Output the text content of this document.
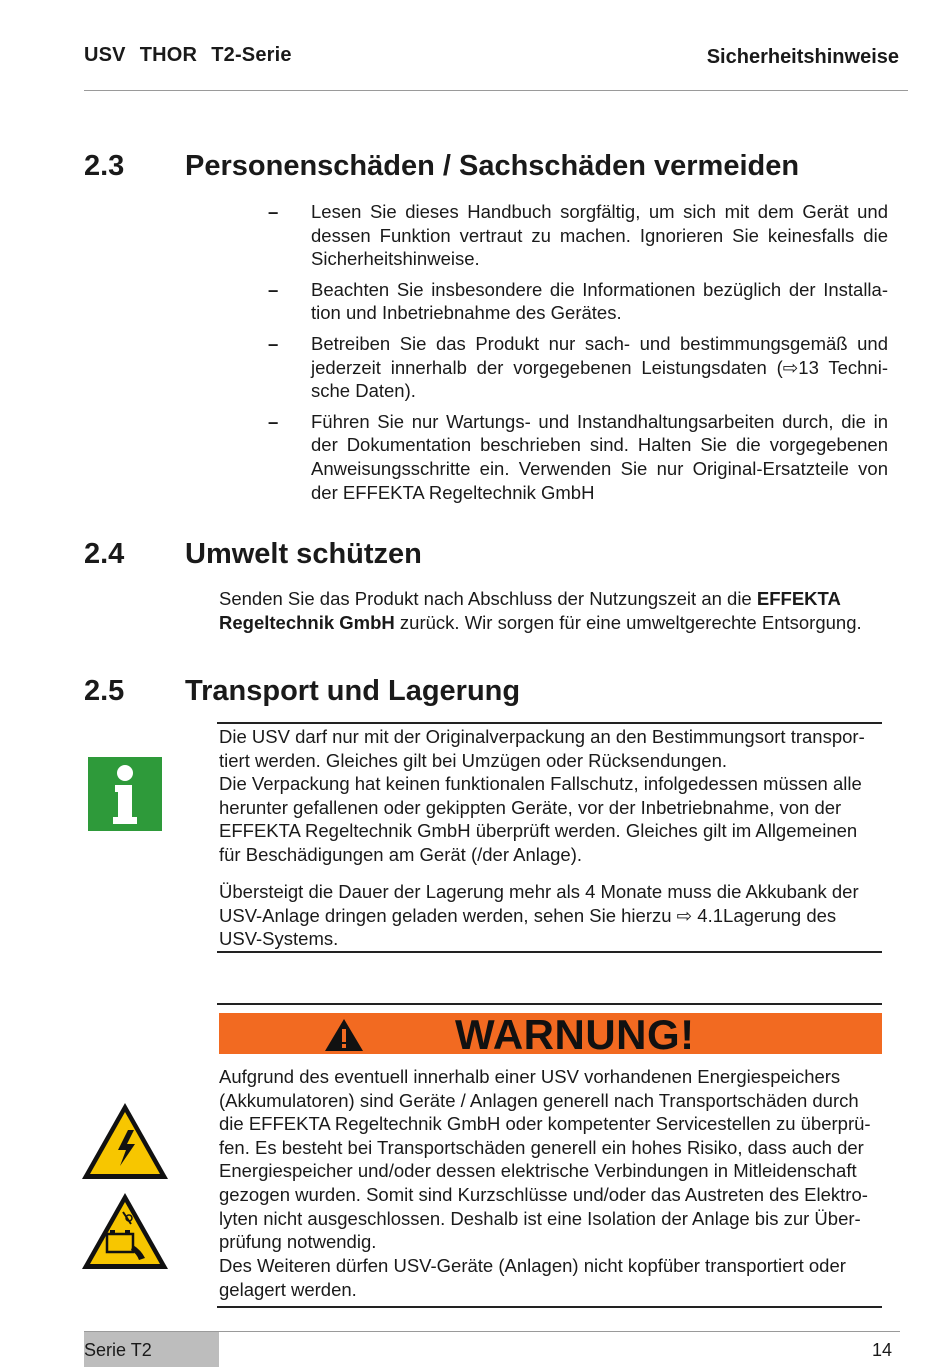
USV THOR T2-Serie	Sicherheitshinweise
2.3 Personenschäden / Sachschäden vermeiden
–	Lesen Sie dieses Handbuch sorgfältig, um sich mit dem Gerät und dessen Funktion vertraut zu machen. Ignorieren Sie keinesfalls die Sicherheitshinweise.
–	Beachten Sie insbesondere die Informationen bezüglich der Installa-tion und Inbetriebnahme des Gerätes.
–	Betreiben Sie das Produkt nur sach- und bestimmungsgemäß und jederzeit innerhalb der vorgegebenen Leistungsdaten (⇨13 Techni-sche Daten).
–	Führen Sie nur Wartungs- und Instandhaltungsarbeiten durch, die in der Dokumentation beschrieben sind. Halten Sie die vorgegebenen Anweisungsschritte ein. Verwenden Sie nur Original-Ersatzteile von der EFFEKTA Regeltechnik GmbH
2.4 Umwelt schützen
Senden Sie das Produkt nach Abschluss der Nutzungszeit an die EFFEKTA Regeltechnik GmbH zurück. Wir sorgen für eine umweltgerechte Entsorgung.
2.5 Transport und Lagerung
Die USV darf nur mit der Originalverpackung an den Bestimmungsort transpor-tiert werden. Gleiches gilt bei Umzügen oder Rücksendungen.
Die Verpackung hat keinen funktionalen Fallschutz, infolgedessen müssen alle herunter gefallenen oder gekippten Geräte, vor der Inbetriebnahme, von der EFFEKTA Regeltechnik GmbH überprüft werden. Gleiches gilt im Allgemeinen für Beschädigungen am Gerät (/der Anlage).
Übersteigt die Dauer der Lagerung mehr als 4 Monate muss die Akkubank der USV-Anlage dringen geladen werden, sehen Sie hierzu ⇨ 4.1Lagerung des USV-Systems.
WARNUNG!
Aufgrund des eventuell innerhalb einer USV vorhandenen Energiespeichers (Akkumulatoren) sind Geräte / Anlagen generell nach Transportschäden durch die EFFEKTA Regeltechnik GmbH oder kompetenter Servicestellen zu überprü-fen. Es besteht bei Transportschäden generell ein hohes Risiko, dass auch der Energiespeicher und/oder dessen elektrische Verbindungen in Mitleidenschaft gezogen wurden. Somit sind Kurzschlüsse und/oder das Austreten des Elektro-lyten nicht ausgeschlossen. Deshalb ist eine Isolation der Anlage bis zur Über-prüfung notwendig.
Des Weiteren dürfen USV-Geräte (Anlagen) nicht kopfüber transportiert oder gelagert werden.
Serie T2	14
